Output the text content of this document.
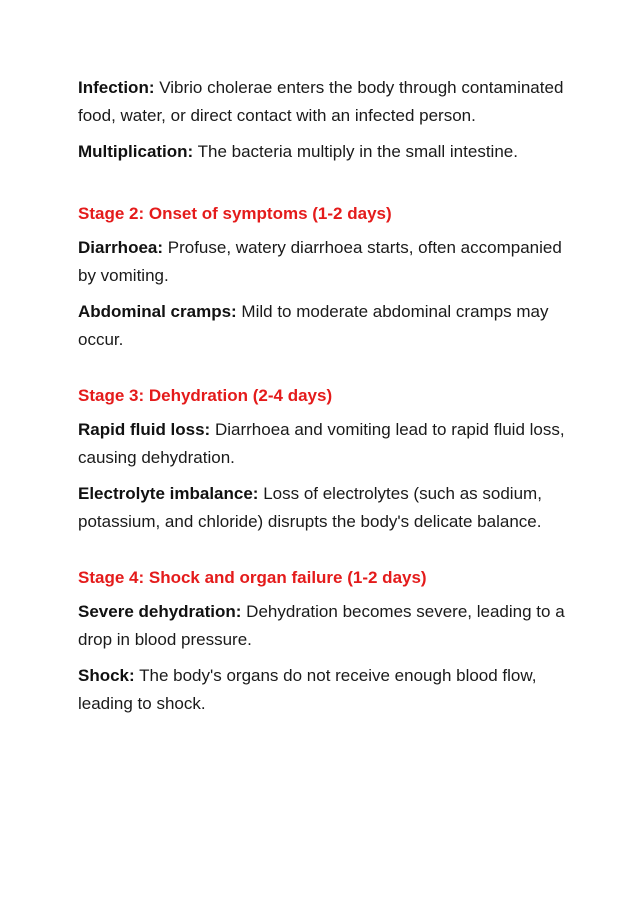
Infection: Vibrio cholerae enters the body through contaminated food, water, or direct contact with an infected person.

Multiplication: The bacteria multiply in the small intestine.

Stage 2: Onset of symptoms (1-2 days)

Diarrhoea: Profuse, watery diarrhoea starts, often accompanied by vomiting.

Abdominal cramps: Mild to moderate abdominal cramps may occur.

Stage 3: Dehydration (2-4 days)

Rapid fluid loss: Diarrhoea and vomiting lead to rapid fluid loss, causing dehydration.

Electrolyte imbalance: Loss of electrolytes (such as sodium, potassium, and chloride) disrupts the body's delicate balance.

Stage 4: Shock and organ failure (1-2 days)

Severe dehydration: Dehydration becomes severe, leading to a drop in blood pressure.

Shock: The body's organs do not receive enough blood flow, leading to shock.
